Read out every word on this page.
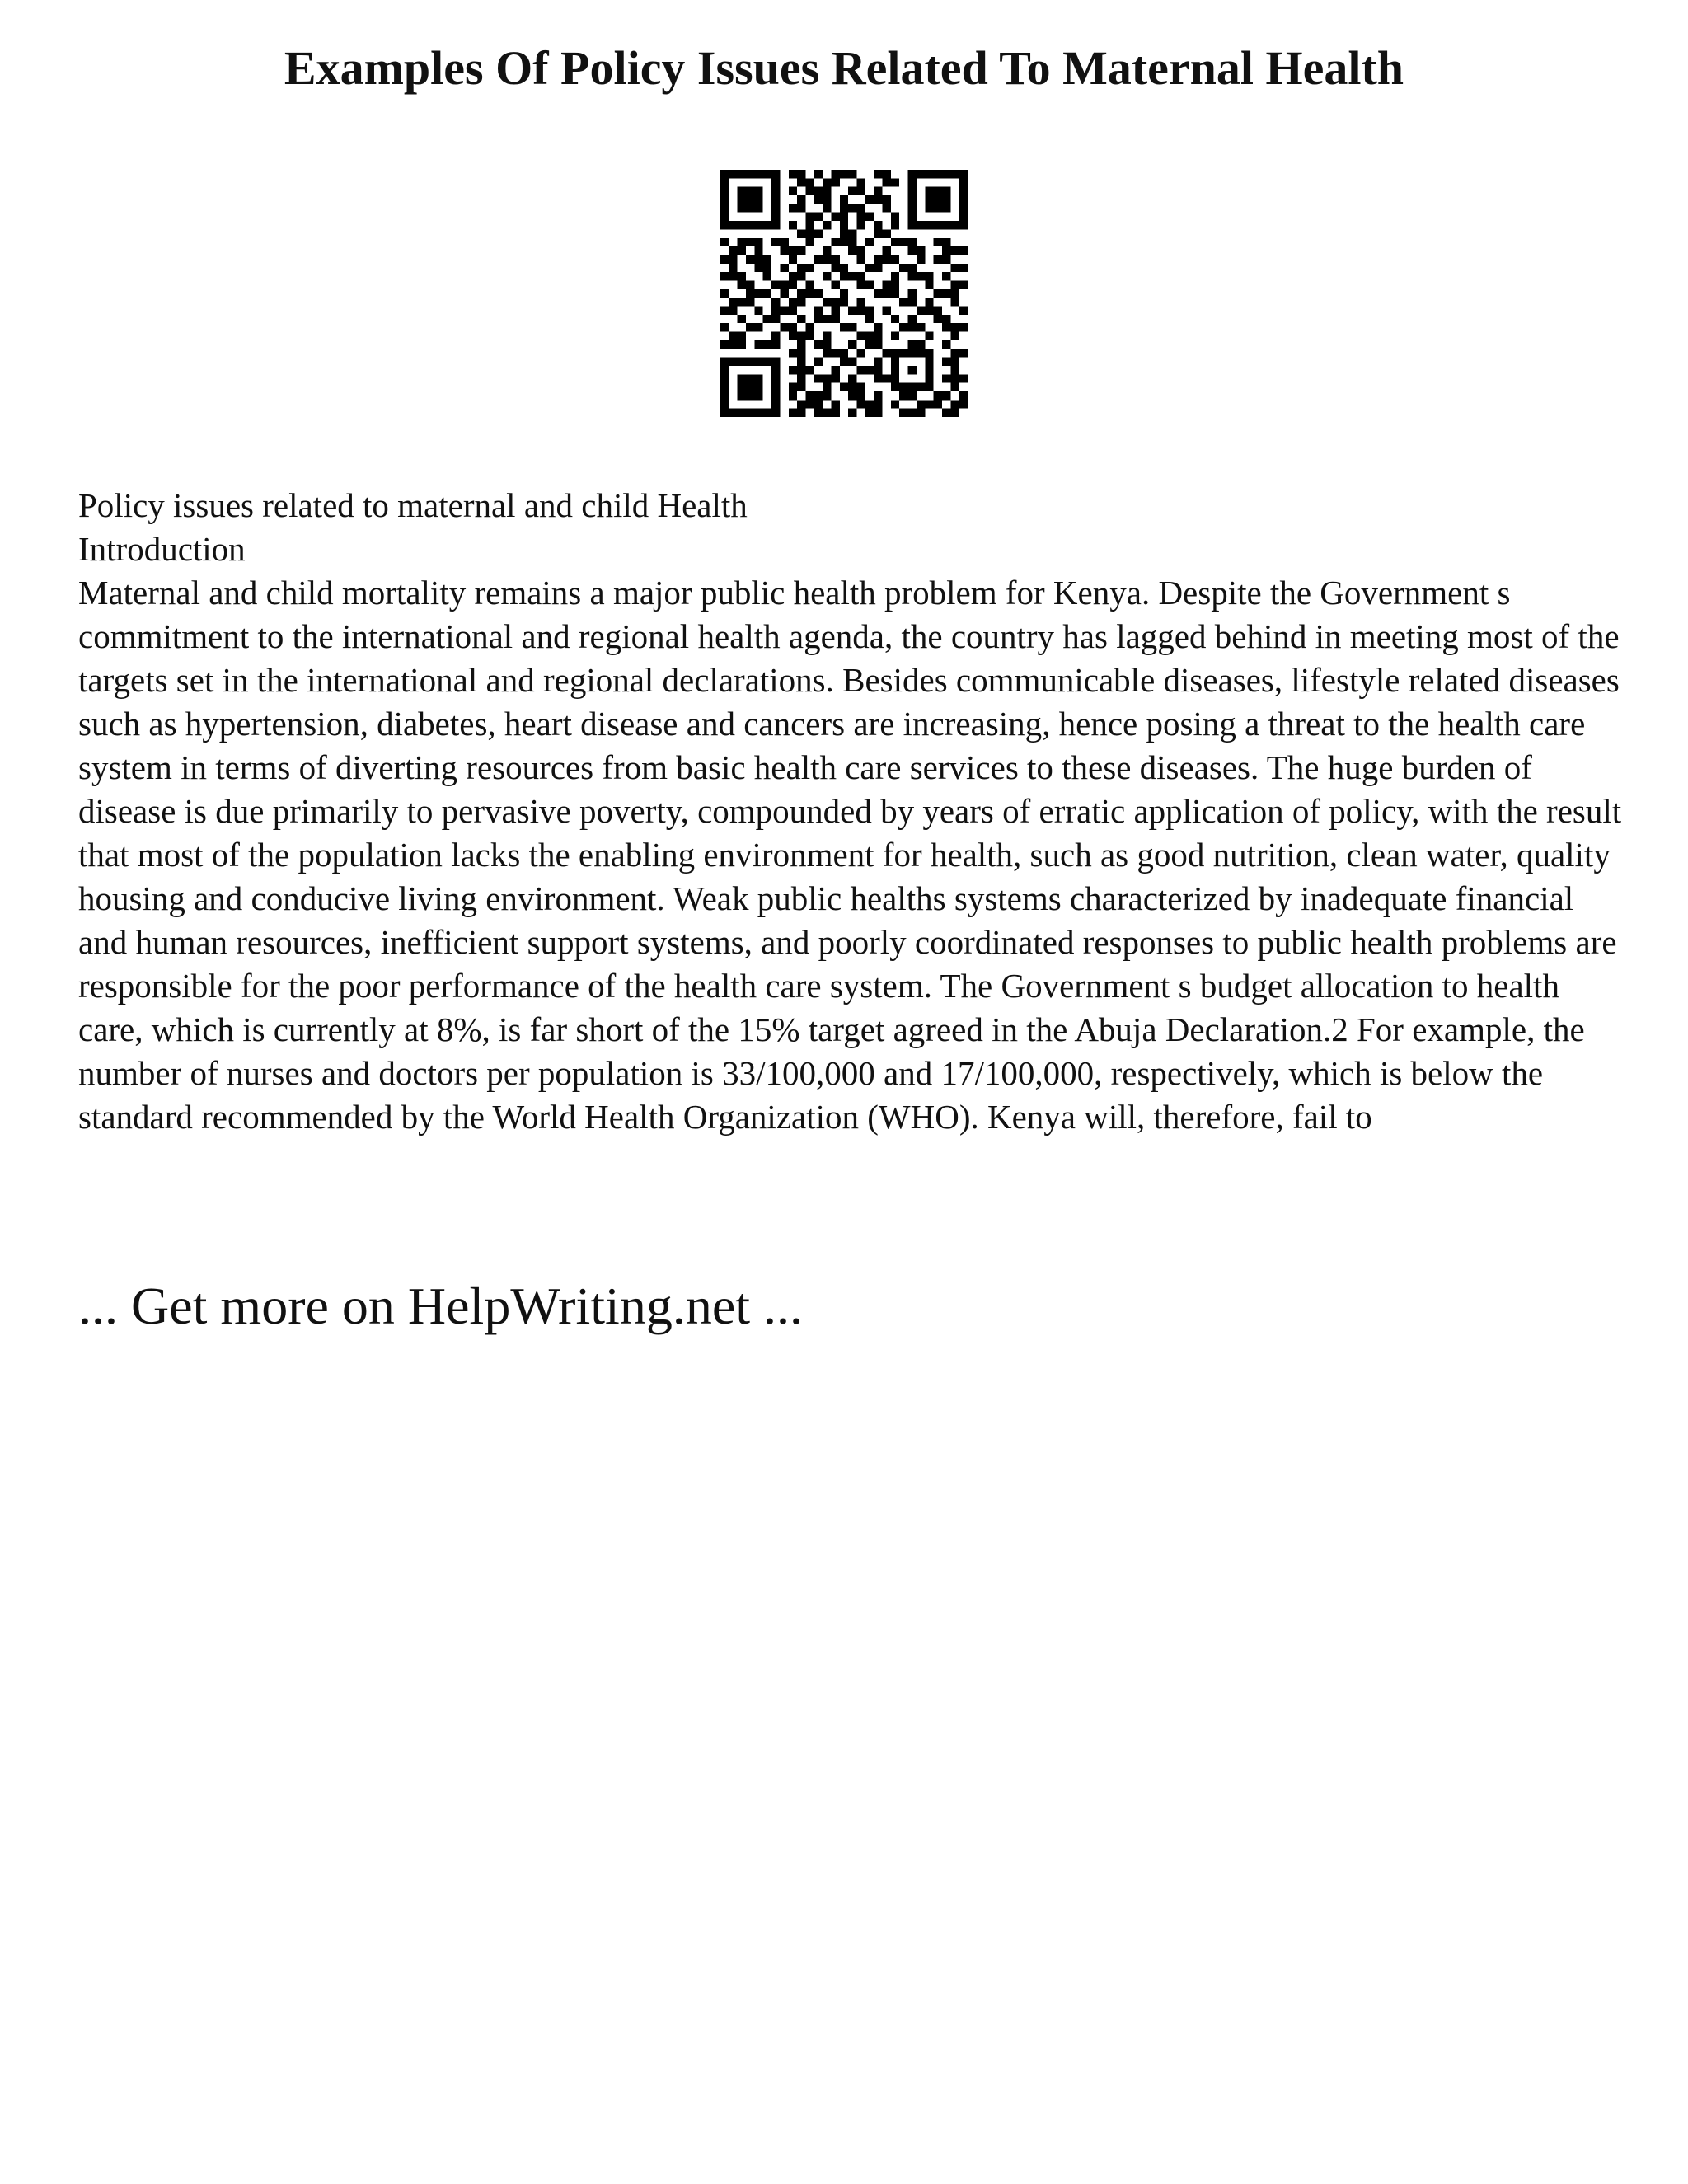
Examples Of Policy Issues Related To Maternal Health

Policy issues related to maternal and child Health

Introduction

Maternal and child mortality remains a major public health problem for Kenya. Despite the Government s commitment to the international and regional health agenda, the country has lagged behind in meeting most of the targets set in the international and regional declarations. Besides communicable diseases, lifestyle related diseases such as hypertension, diabetes, heart disease and cancers are increasing, hence posing a threat to the health care system in terms of diverting resources from basic health care services to these diseases. The huge burden of disease is due primarily to pervasive poverty, compounded by years of erratic application of policy, with the result that most of the population lacks the enabling environment for health, such as good nutrition, clean water, quality housing and conducive living environment. Weak public healths systems characterized by inadequate financial and human resources, inefficient support systems, and poorly coordinated responses to public health problems are responsible for the poor performance of the health care system. The Government s budget allocation to health care, which is currently at 8%, is far short of the 15% target agreed in the Abuja Declaration.2 For example, the number of nurses and doctors per population is 33/100,000 and 17/100,000, respectively, which is below the standard recommended by the World Health Organization (WHO). Kenya will, therefore, fail to

... Get more on HelpWriting.net ...
